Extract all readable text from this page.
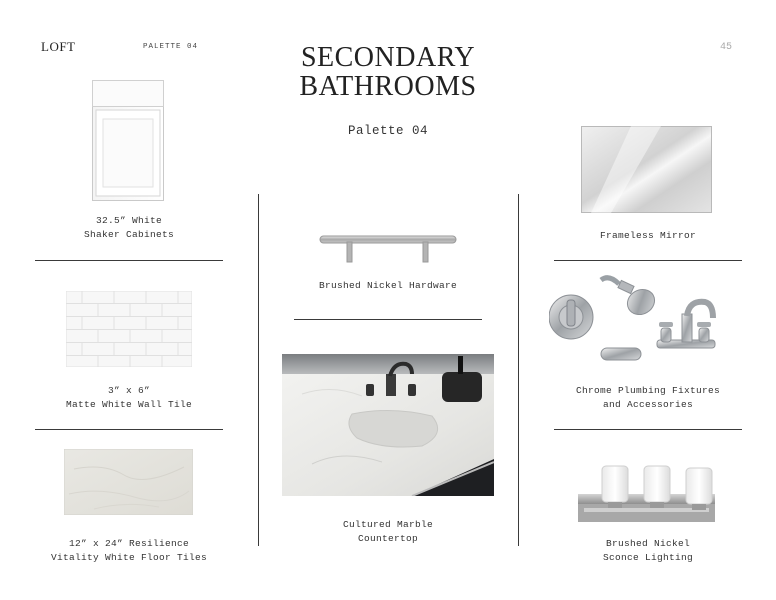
LOFT	PALETTE 04	45
SECONDARY
BATHROOMS
Palette 04
32.5” White
Shaker Cabinets
3” x 6”
Matte White Wall Tile
12” x 24” Resilience
Vitality White Floor Tiles
Brushed Nickel Hardware
Cultured Marble
Countertop
Frameless Mirror
Chrome Plumbing Fixtures
and Accessories
Brushed Nickel
Sconce Lighting
